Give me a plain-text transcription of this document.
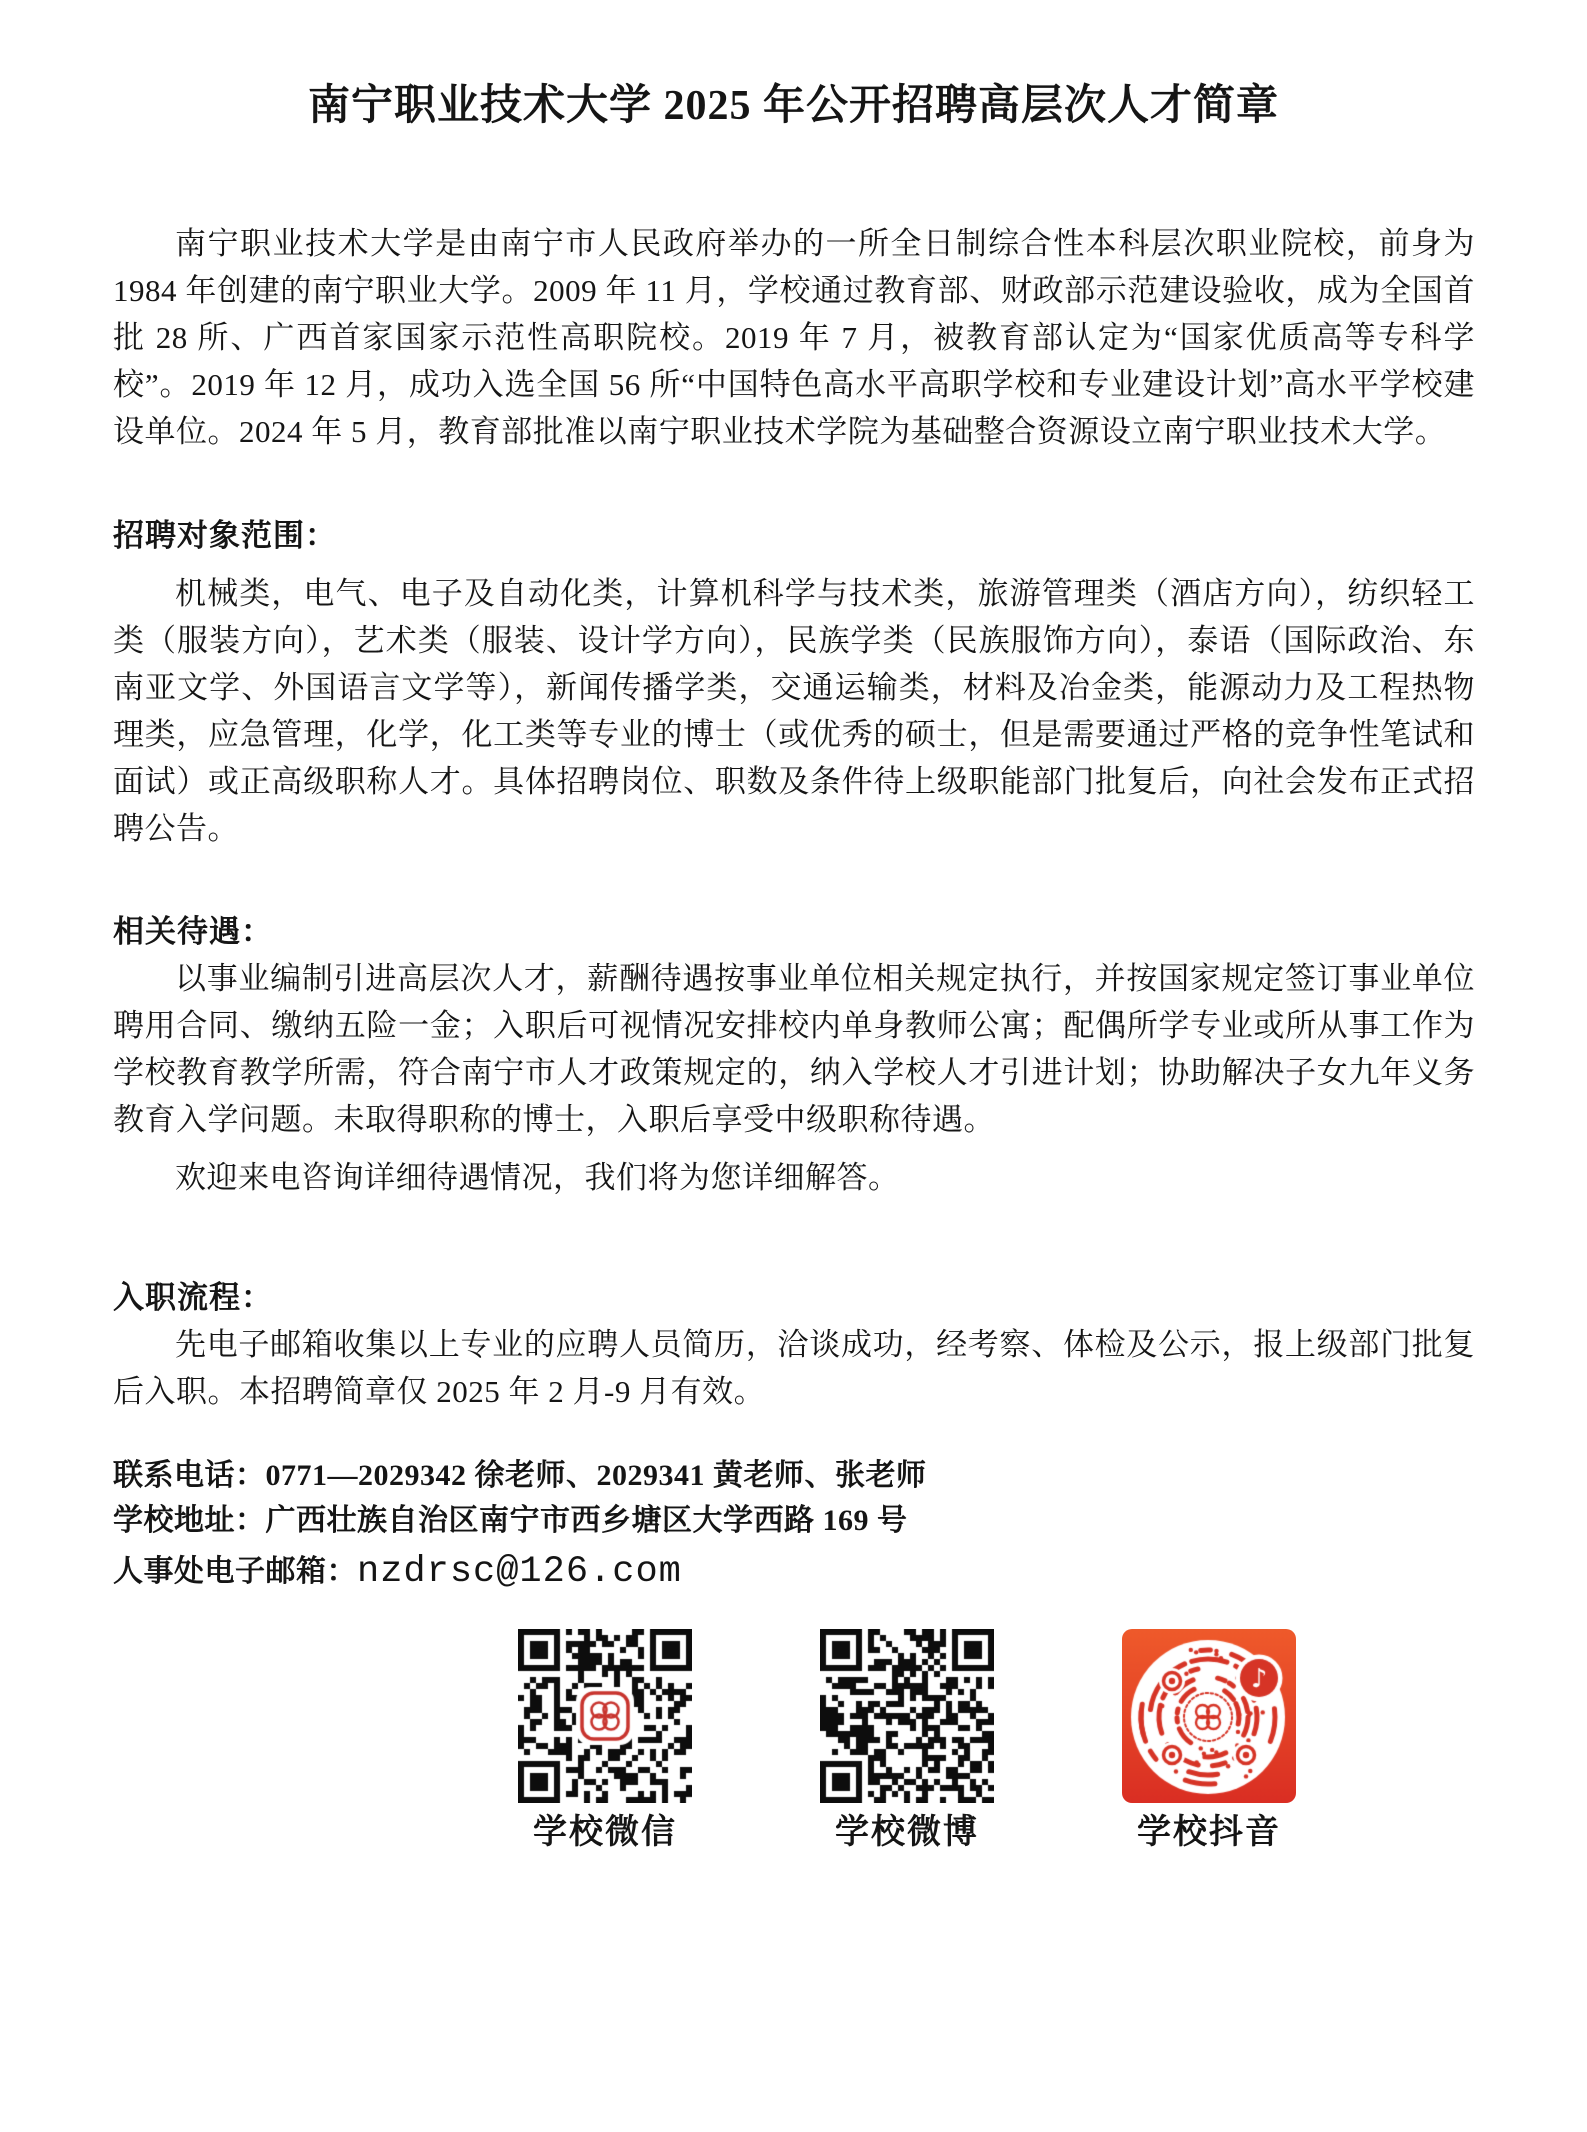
南宁职业技术大学 2025 年公开招聘高层次人才简章

南宁职业技术大学是由南宁市人民政府举办的一所全日制综合性本科层次职业院校，前身为 1984 年创建的南宁职业大学。2009 年 11 月，学校通过教育部、财政部示范建设验收，成为全国首批 28 所、广西首家国家示范性高职院校。2019 年 7 月，被教育部认定为“国家优质高等专科学校”。2019 年 12 月，成功入选全国 56 所“中国特色高水平高职学校和专业建设计划”高水平学校建设单位。2024 年 5 月，教育部批准以南宁职业技术学院为基础整合资源设立南宁职业技术大学。

招聘对象范围：

机械类，电气、电子及自动化类，计算机科学与技术类，旅游管理类（酒店方向），纺织轻工类（服装方向），艺术类（服装、设计学方向），民族学类（民族服饰方向），泰语（国际政治、东南亚文学、外国语言文学等），新闻传播学类，交通运输类，材料及冶金类，能源动力及工程热物理类，应急管理，化学，化工类等专业的博士（或优秀的硕士，但是需要通过严格的竞争性笔试和面试）或正高级职称人才。具体招聘岗位、职数及条件待上级职能部门批复后，向社会发布正式招聘公告。

相关待遇：

以事业编制引进高层次人才，薪酬待遇按事业单位相关规定执行，并按国家规定签订事业单位聘用合同、缴纳五险一金；入职后可视情况安排校内单身教师公寓；配偶所学专业或所从事工作为学校教育教学所需，符合南宁市人才政策规定的，纳入学校人才引进计划；协助解决子女九年义务教育入学问题。未取得职称的博士，入职后享受中级职称待遇。

欢迎来电咨询详细待遇情况，我们将为您详细解答。

入职流程：

先电子邮箱收集以上专业的应聘人员简历，洽谈成功，经考察、体检及公示，报上级部门批复后入职。本招聘简章仅 2025 年 2 月-9 月有效。

联系电话：0771—2029342 徐老师、2029341 黄老师、张老师

学校地址：广西壮族自治区南宁市西乡塘区大学西路 169 号

人事处电子邮箱：nzdrsc@126.com

学校微信	学校微博	学校抖音
